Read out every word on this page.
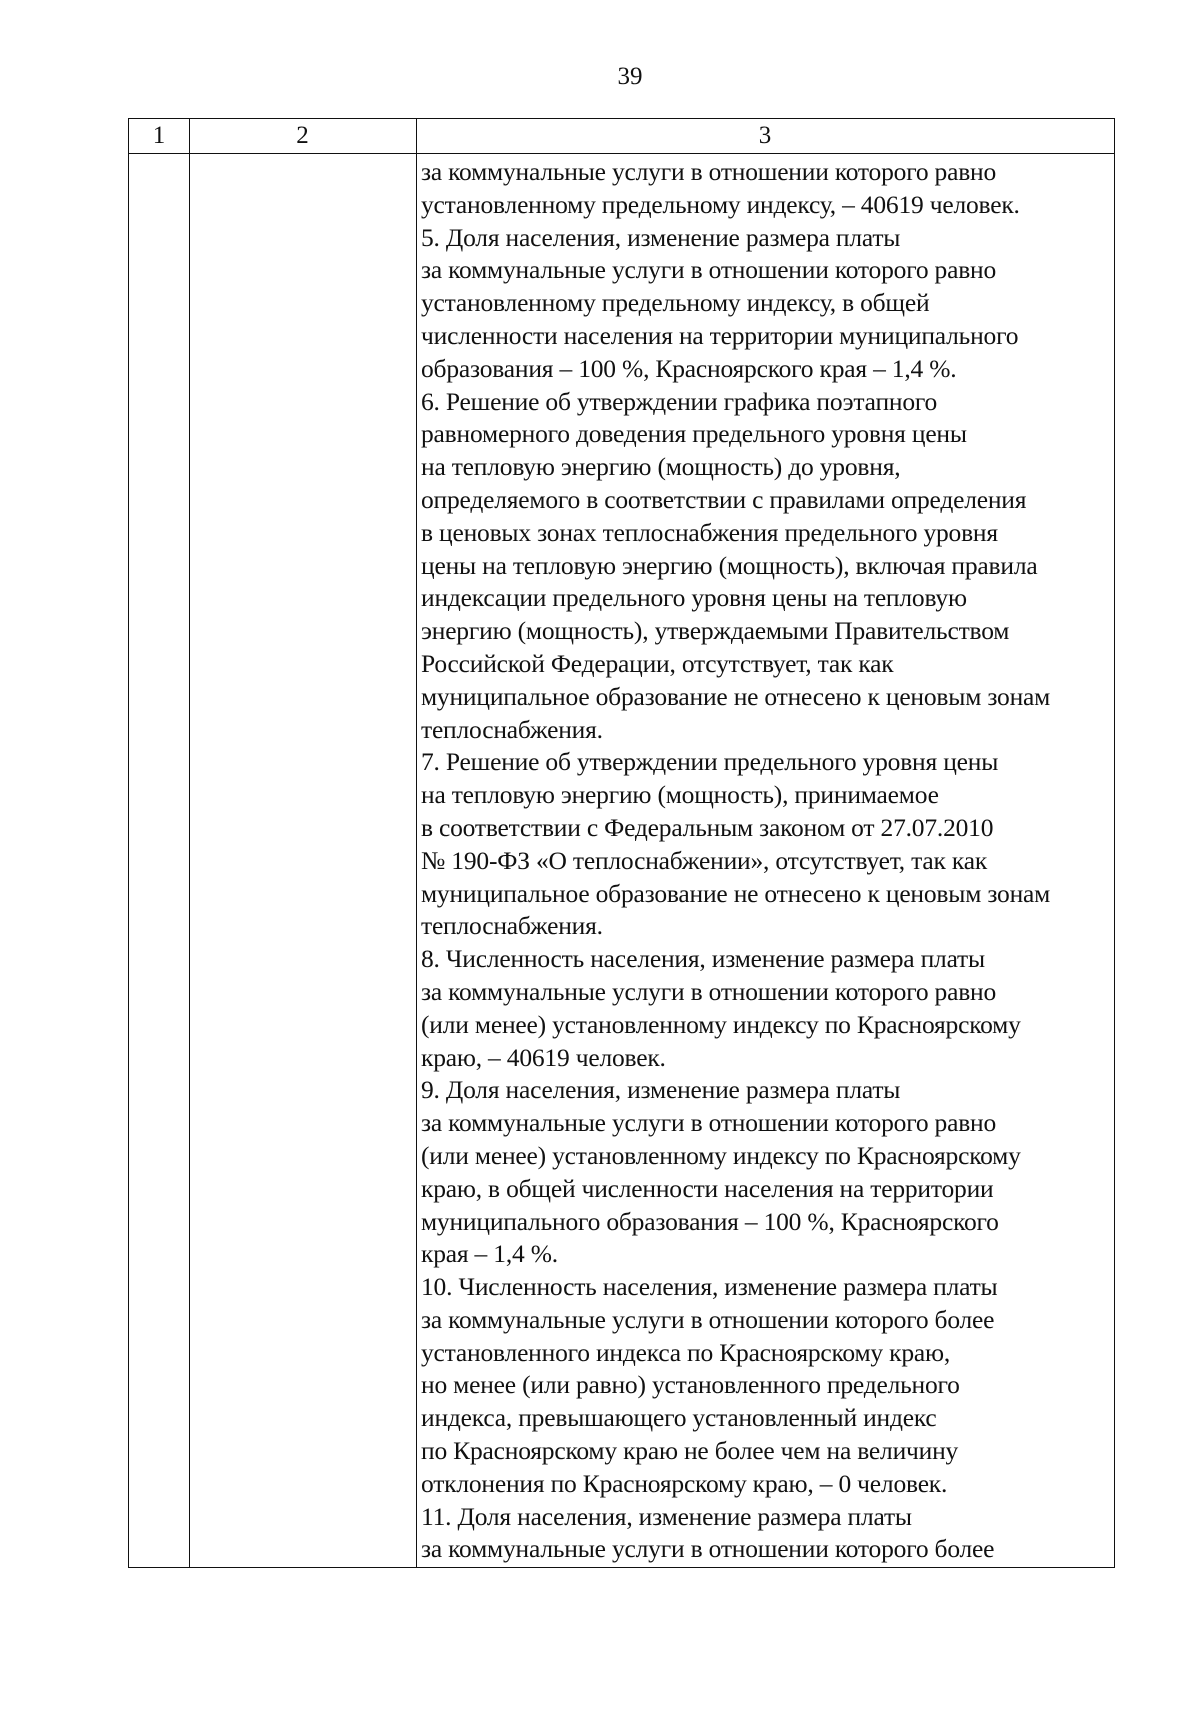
39
1	2	3
за коммунальные услуги в отношении которого равно
установленному предельному индексу, – 40619 человек.
5. Доля населения, изменение размера платы
за коммунальные услуги в отношении которого равно
установленному предельному индексу, в общей
численности населения на территории муниципального
образования – 100 %, Красноярского края – 1,4 %.
6. Решение об утверждении графика поэтапного
равномерного доведения предельного уровня цены
на тепловую энергию (мощность) до уровня,
определяемого в соответствии с правилами определения
в ценовых зонах теплоснабжения предельного уровня
цены на тепловую энергию (мощность), включая правила
индексации предельного уровня цены на тепловую
энергию (мощность), утверждаемыми Правительством
Российской Федерации, отсутствует, так как
муниципальное образование не отнесено к ценовым зонам
теплоснабжения.
7. Решение об утверждении предельного уровня цены
на тепловую энергию (мощность), принимаемое
в соответствии с Федеральным законом от 27.07.2010
№ 190-ФЗ «О теплоснабжении», отсутствует, так как
муниципальное образование не отнесено к ценовым зонам
теплоснабжения.
8. Численность населения, изменение размера платы
за коммунальные услуги в отношении которого равно
(или менее) установленному индексу по Красноярскому
краю, – 40619 человек.
9. Доля населения, изменение размера платы
за коммунальные услуги в отношении которого равно
(или менее) установленному индексу по Красноярскому
краю, в общей численности населения на территории
муниципального образования – 100 %, Красноярского
края – 1,4 %.
10. Численность населения, изменение размера платы
за коммунальные услуги в отношении которого более
установленного индекса по Красноярскому краю,
но менее (или равно) установленного предельного
индекса, превышающего установленный индекс
по Красноярскому краю не более чем на величину
отклонения по Красноярскому краю, – 0 человек.
11. Доля населения, изменение размера платы
за коммунальные услуги в отношении которого более
